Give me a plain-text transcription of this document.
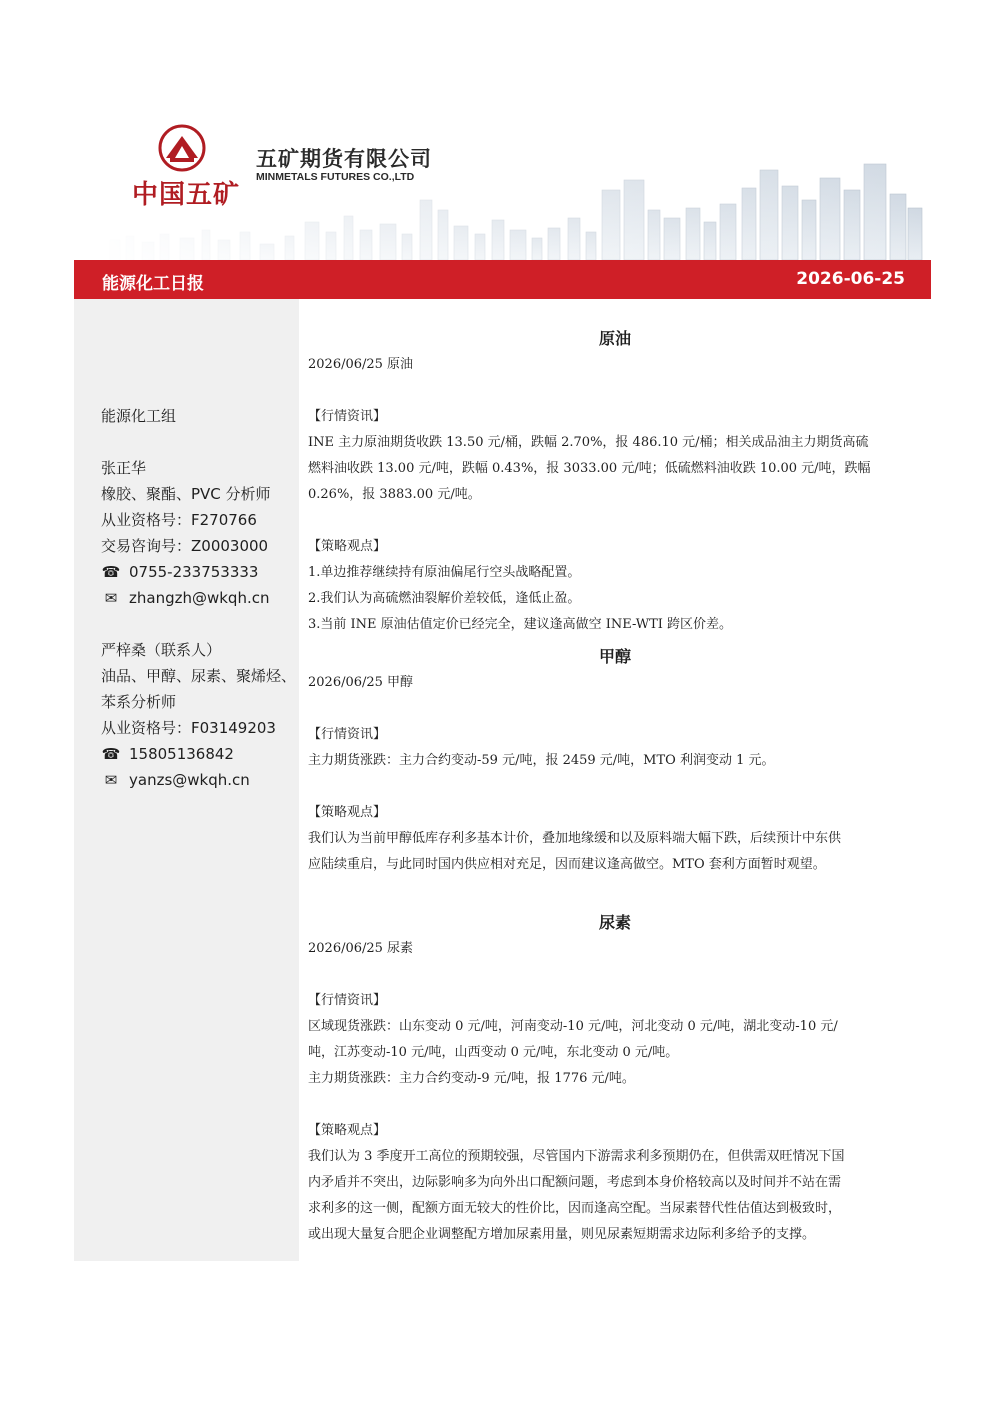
中国五矿
五矿期货有限公司
MINMETALS FUTURES CO.,LTD
能源化工日报	2026-06-25
能源化工组
张正华
橡胶、聚酯、PVC 分析师
从业资格号：F270766
交易咨询号：Z0003000
☎ 0755-233753333
✉ zhangzh@wkqh.cn
严梓桑（联系人）
油品、甲醇、尿素、聚烯烃、苯系分析师
从业资格号：F03149203
☎ 15805136842
✉ yanzs@wkqh.cn
原油
2026/06/25 原油
【行情资讯】
INE 主力原油期货收跌 13.50 元/桶，跌幅 2.70%，报 486.10 元/桶；相关成品油主力期货高硫
燃料油收跌 13.00 元/吨，跌幅 0.43%，报 3033.00 元/吨；低硫燃料油收跌 10.00 元/吨，跌幅
0.26%，报 3883.00 元/吨。
【策略观点】
1.单边推荐继续持有原油偏尾行空头战略配置。
2.我们认为高硫燃油裂解价差较低，逢低止盈。
3.当前 INE 原油估值定价已经完全，建议逢高做空 INE-WTI 跨区价差。
甲醇
2026/06/25 甲醇
【行情资讯】
主力期货涨跌：主力合约变动-59 元/吨，报 2459 元/吨，MTO 利润变动 1 元。
【策略观点】
我们认为当前甲醇低库存利多基本计价，叠加地缘缓和以及原料端大幅下跌，后续预计中东供
应陆续重启，与此同时国内供应相对充足，因而建议逢高做空。MTO 套利方面暂时观望。
尿素
2026/06/25 尿素
【行情资讯】
区域现货涨跌：山东变动 0 元/吨，河南变动-10 元/吨，河北变动 0 元/吨，湖北变动-10 元/
吨，江苏变动-10 元/吨，山西变动 0 元/吨，东北变动 0 元/吨。
主力期货涨跌：主力合约变动-9 元/吨，报 1776 元/吨。
【策略观点】
我们认为 3 季度开工高位的预期较强，尽管国内下游需求利多预期仍在，但供需双旺情况下国
内矛盾并不突出，边际影响多为向外出口配额问题，考虑到本身价格较高以及时间并不站在需
求利多的这一侧，配额方面无较大的性价比，因而逢高空配。当尿素替代性估值达到极致时，
或出现大量复合肥企业调整配方增加尿素用量，则见尿素短期需求边际利多给予的支撑。
